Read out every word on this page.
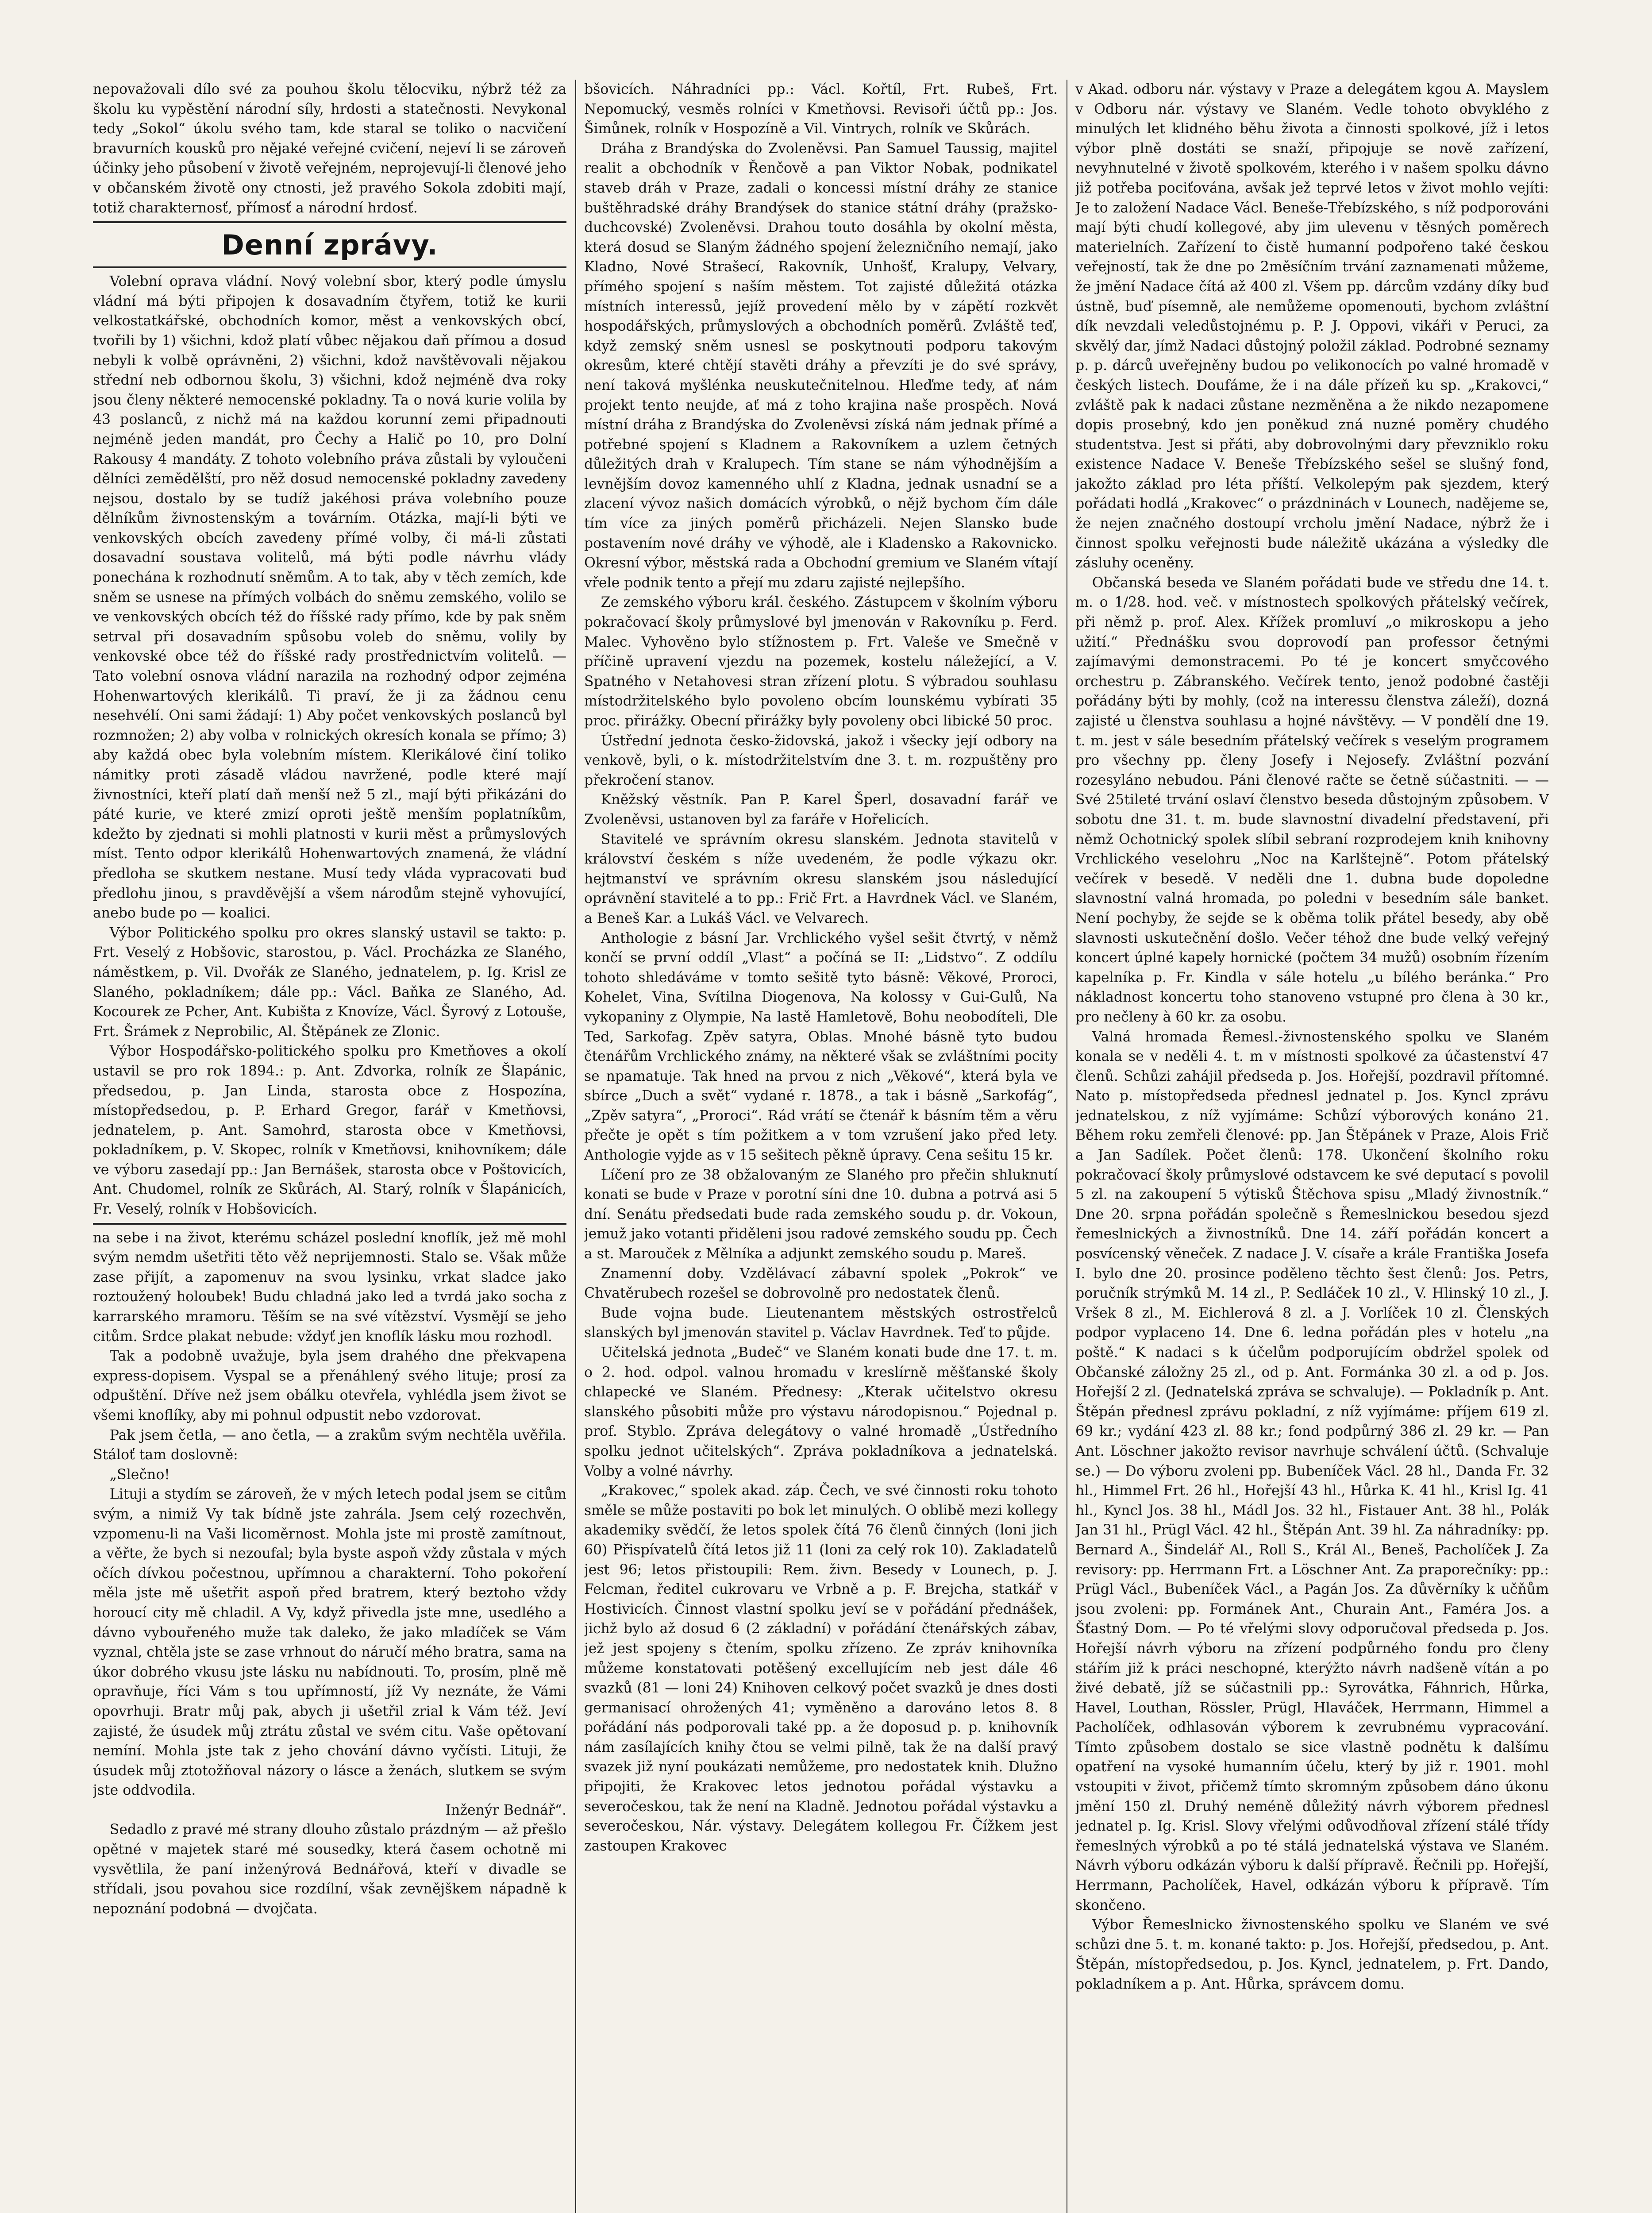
nepovažovali dílo své za pouhou školu tělocviku, nýbrž též za školu ku vypěstění národní síly, hrdosti a statečnosti. Nevykonal tedy „Sokol“ úkolu svého tam, kde staral se toliko o nacvičení bravurních kousků pro nějaké veřejné cvičení, nejeví li se zároveň účinky jeho působení v životě veřejném, neprojevují-li členové jeho v občanském životě ony ctnosti, jež pravého Sokola zdobiti mají, totiž charakternosť, přímosť a národní hrdosť.

Denní zprávy.

Volební oprava vládní. Nový volební sbor, který podle úmyslu vládní má býti připojen k dosavadním čtyřem, totiž ke kurii velkostatkářské, obchodních komor, měst a venkovských obcí, tvořili by 1) všichni, kdož platí vůbec nějakou daň přímou a dosud nebyli k volbě oprávněni, 2) všichni, kdož navštěvovali nějakou střední neb odbornou školu, 3) všichni, kdož nejméně dva roky jsou členy některé nemocenské pokladny. Ta o nová kurie volila by 43 poslanců, z nichž má na každou korunní zemi připadnouti nejméně jeden mandát, pro Čechy a Halič po 10, pro Dolní Rakousy 4 mandáty. Z tohoto volebního práva zůstali by vyloučeni dělníci zemědělští, pro něž dosud nemocenské pokladny zavedeny nejsou, dostalo by se tudíž jakéhosi práva volebního pouze dělníkům živnostenským a továrním. Otázka, mají-li býti ve venkovských obcích zavedeny přímé volby, či má-li zůstati dosavadní soustava volitelů, má býti podle návrhu vlády ponechána k rozhodnutí sněmům. A to tak, aby v těch zemích, kde sněm se usnese na přímých volbách do sněmu zemského, volilo se ve venkovských obcích též do říšské rady přímo, kde by pak sněm setrval při dosavadním spůsobu voleb do sněmu, volily by venkovské obce též do říšské rady prostřednictvím volitelů. — Tato volební osnova vládní narazila na rozhodný odpor zejména Hohenwartových klerikálů. Ti praví, že ji za žádnou cenu nesehvélí. Oni sami žádají: 1) Aby počet venkovských poslanců byl rozmnožen; 2) aby volba v rolnických okresích konala se přímo; 3) aby každá obec byla volebním místem. Klerikálové činí toliko námitky proti zásadě vládou navržené, podle které mají živnostníci, kteří platí daň menší než 5 zl., mají býti přikázáni do páté kurie, ve které zmizí oproti ještě menším poplatníkům, kdežto by zjednati si mohli platnosti v kurii měst a průmyslových míst. Tento odpor klerikálů Hohenwartových znamená, že vládní předloha se skutkem nestane. Musí tedy vláda vypracovati buď předlohu jinou, s pravděvější a všem národům stejně vyhovující, anebo bude po — koalici.

Výbor Politického spolku pro okres slanský ustavil se takto: p. Frt. Veselý z Hobšovic, starostou, p. Václ. Procházka ze Slaného, náměstkem, p. Vil. Dvořák ze Slaného, jednatelem, p. Ig. Krisl ze Slaného, pokladníkem; dále pp.: Václ. Baňka ze Slaného, Ad. Kocourek ze Pcher, Ant. Kubišta z Knovíze, Václ. Šyrový z Lotouše, Frt. Šrámek z Neprobilic, Al. Štěpánek ze Zlonic.

Výbor Hospodářsko-politického spolku pro Kmetňoves a okolí ustavil se pro rok 1894.: p. Ant. Zdvorka, rolník ze Šlapánic, předsedou, p. Jan Linda, starosta obce z Hospozína, místopředsedou, p. P. Erhard Gregor, farář v Kmetňovsi, jednatelem, p. Ant. Samohrd, starosta obce v Kmetňovsi, pokladníkem, p. V. Skopec, rolník v Kmetňovsi, knihovníkem; dále ve výboru zasedají pp.: Jan Bernášek, starosta obce v Poštovicích, Ant. Chudomel, rolník ze Skůrách, Al. Starý, rolník v Šlapánicích, Fr. Veselý, rolník v Hobšovicích.

na sebe i na život, kterému scházel poslední knoflík, jež mě mohl svým nemdm ušetřiti těto věž neprijemnosti. Stalo se. Však může zase přijít, a zapomenuv na svou lysinku, vrkat sladce jako roztoužený holoubek! Budu chladná jako led a tvrdá jako socha z karrarského mramoru. Těším se na své vítězství. Vysmějí se jeho citům. Srdce plakat nebude: vždyť jen knoflík lásku mou rozhodl.

Tak a podobně uvažuje, byla jsem drahého dne překvapena express-dopisem. Vyspal se a přenáhlený svého lituje; prosí za odpuštění. Dříve než jsem obálku otevřela, vyhlédla jsem život se všemi knoflíky, aby mi pohnul odpustit nebo vzdorovat.

Pak jsem četla, — ano četla, — a zrakům svým nechtěla uvěřila. Stáloť tam doslovně:

„Slečno!

Lituji a stydím se zároveň, že v mých letech podal jsem se citům svým, a nimiž Vy tak bídně jste zahrála. Jsem celý rozechvěn, vzpomenu-li na Vaši licoměrnost. Mohla jste mi prostě zamítnout, a věřte, že bych si nezoufal; byla byste aspoň vždy zůstala v mých očích dívkou počestnou, upřímnou a charakterní. Toho pokoření měla jste mě ušetřit aspoň před bratrem, který beztoho vždy horoucí city mě chladil. A Vy, když přivedla jste mne, usedlého a dávno vybouřeného muže tak daleko, že jako mladíček se Vám vyznal, chtěla jste se zase vrhnout do náručí mého bratra, sama na úkor dobrého vkusu jste lásku nu nabídnouti. To, prosím, plně mě opravňuje, říci Vám s tou upřímností, jíž Vy neznáte, že Vámi opovrhuji. Bratr můj pak, abych ji ušetřil zrial k Vám též. Jeví zajisté, že úsudek můj ztrátu zůstal ve svém citu. Vaše opětovaní nemíní. Mohla jste tak z jeho chování dávno vyčísti. Lituji, že úsudek můj ztotožňoval názory o lásce a ženách, slutkem se svým jste oddvodila.

Inženýr Bednář“.

Sedadlo z pravé mé strany dlouho zůstalo prázdným — až přešlo opětné v majetek staré mé sousedky, která časem ochotně mi vysvětlila, že paní inženýrová Bednářová, kteří v divadle se střídali, jsou povahou sice rozdílní, však zevnějškem nápadně k nepoznání podobná — dvojčata.

bšovicích. Náhradníci pp.: Václ. Kořtíl, Frt. Rubeš, Frt. Nepomucký, vesměs rolníci v Kmetňovsi. Revisoři účtů pp.: Jos. Šimůnek, rolník v Hospozíně a Vil. Vintrych, rolník ve Skůrách.

Dráha z Brandýska do Zvoleněvsi. Pan Samuel Taussig, majitel realit a obchodník v Řenčově a pan Viktor Nobak, podnikatel staveb dráh v Praze, zadali o koncessi místní dráhy ze stanice buštěhradské dráhy Brandýsek do stanice státní dráhy (pražsko-duchcovské) Zvoleněvsi. Drahou touto dosáhla by okolní města, která dosud se Slaným žádného spojení železničního nemají, jako Kladno, Nové Strašecí, Rakovník, Unhošť, Kralupy, Velvary, přímého spojení s naším městem. Tot zajisté důležitá otázka místních interessů, jejíž provedení mělo by v zápětí rozkvět hospodářských, průmyslových a obchodních poměrů. Zvláště teď, když zemský sněm usnesl se poskytnouti podporu takovým okresům, které chtějí stavěti dráhy a převzíti je do své správy, není taková myšlénka neuskutečnitelnou. Hleďme tedy, ať nám projekt tento neujde, ať má z toho krajina naše prospěch. Nová místní dráha z Brandýska do Zvoleněvsi získá nám jednak přímé a potřebné spojení s Kladnem a Rakovníkem a uzlem četných důležitých drah v Kralupech. Tím stane se nám výhodnějším a levnějším dovoz kamenného uhlí z Kladna, jednak usnadní se a zlacení vývoz našich domácích výrobků, o nějž bychom čím dále tím více za jiných poměrů přicházeli. Nejen Slansko bude postavením nové dráhy ve výhodě, ale i Kladensko a Rakovnicko. Okresní výbor, městská rada a Obchodní gremium ve Slaném vítají vřele podnik tento a přejí mu zdaru zajisté nejlepšího.

Ze zemského výboru král. českého. Zástupcem v školním výboru pokračovací školy průmyslové byl jmenován v Rakovníku p. Ferd. Malec. Vyhověno bylo stížnostem p. Frt. Valeše ve Smečně v příčině upravení vjezdu na pozemek, kostelu náležející, a V. Spatného v Netahovesi stran zřízení plotu. S výbradou souhlasu místodržitelského bylo povoleno obcím lounskému vybírati 35 proc. přirážky. Obecní přirážky byly povoleny obci libické 50 proc.

Ústřední jednota česko-židovská, jakož i všecky její odbory na venkově, byli, o k. místodržitelstvím dne 3. t. m. rozpuštěny pro překročení stanov.

Kněžský věstník. Pan P. Karel Šperl, dosavadní farář ve Zvoleněvsi, ustanoven byl za faráře v Hořelicích.

Stavitelé ve správním okresu slanském. Jednota stavitelů v království českém s níže uvedeném, že podle výkazu okr. hejtmanství ve správním okresu slanském jsou následující oprávnění stavitelé a to pp.: Frič Frt. a Havrdnek Václ. ve Slaném, a Beneš Kar. a Lukáš Václ. ve Velvarech.

Anthologie z básní Jar. Vrchlického vyšel sešit čtvrtý, v němž končí se první oddíl „Vlast“ a počíná se II: „Lidstvo“. Z oddílu tohoto shledáváme v tomto sešitě tyto básně: Věkové, Proroci, Kohelet, Vina, Svítilna Diogenova, Na kolossy v Gui-Gulů, Na vykopaniny z Olympie, Na lastě Hamletově, Bohu neobodíteli, Dle Ted, Sarkofag. Zpěv satyra, Oblas. Mnohé básně tyto budou čtenářům Vrchlického známy, na některé však se zvláštními pocity se npamatuje. Tak hned na prvou z nich „Věkové“, která byla ve sbírce „Duch a svět“ vydané r. 1878., a tak i básně „Sarkofág“, „Zpěv satyra“, „Proroci“. Rád vrátí se čtenář k básním těm a věru přečte je opět s tím požitkem a v tom vzrušení jako před lety. Anthologie vyjde as v 15 sešitech pěkně úpravy. Cena sešitu 15 kr.

Líčení pro ze 38 obžalovaným ze Slaného pro přečin shluknutí konati se bude v Praze v porotní síni dne 10. dubna a potrvá asi 5 dní. Senátu předsedati bude rada zemského soudu p. dr. Vokoun, jemuž jako votanti přiděleni jsou radové zemského soudu pp. Čech a st. Marouček z Mělníka a adjunkt zemského soudu p. Mareš.

Znamenní doby. Vzdělávací zábavní spolek „Pokrok“ ve Chvatěrubech rozešel se dobrovolně pro nedostatek členů.

Bude vojna bude. Lieutenantem městských ostrostřelců slanských byl jmenován stavitel p. Václav Havrdnek. Teď to půjde.

Učitelská jednota „Budeč“ ve Slaném konati bude dne 17. t. m. o 2. hod. odpol. valnou hromadu v kreslírně měšťanské školy chlapecké ve Slaném. Přednesy: „Kterak učitelstvo okresu slanského působiti může pro výstavu národopisnou.“ Pojednal p. prof. Styblo. Zpráva delegátovy o valné hromadě „Ústředního spolku jednot učitelských“. Zpráva pokladníkova a jednatelská. Volby a volné návrhy.

„Krakovec,“ spolek akad. záp. Čech, ve své činnosti roku tohoto směle se může postaviti po bok let minulých. O oblibě mezi kollegy akademiky svědčí, že letos spolek čítá 76 členů činných (loni jich 60) Přispívatelů čítá letos již 11 (loni za celý rok 10). Zakladatelů jest 96; letos přistoupili: Rem. živn. Besedy v Lounech, p. J. Felcman, ředitel cukrovaru ve Vrbně a p. F. Brejcha, statkář v Hostivicích. Činnost vlastní spolku jeví se v pořádání přednášek, jichž bylo až dosud 6 (2 základní) v pořádání čtenářských zábav, jež jest spojeny s čtením, spolku zřízeno. Ze zpráv knihovníka můžeme konstatovati potěšený excellujícím neb jest dále 46 svazků (81 — loni 24) Knihoven celkový počet svazků je dnes dosti germanisací ohrožených 41; vyměněno a darováno letos 8. 8 pořádání nás podporovali také pp. a že doposud p. p. knihovník nám zasílajících knihy čtou se velmi pilně, tak že na další pravý svazek již nyní poukázati nemůžeme, pro nedostatek knih. Dlužno připojiti, že Krakovec letos jednotou pořádal výstavku a severočeskou, tak že není na Kladně. Jednotou pořádal výstavku a severočeskou, Nár. výstavy. Delegátem kollegou Fr. Čížkem jest zastoupen Krakovec

v Akad. odboru nár. výstavy v Praze a delegátem kgou A. Mayslem v Odboru nár. výstavy ve Slaném. Vedle tohoto obvyklého z minulých let klidného běhu života a činnosti spolkové, jíž i letos výbor plně dostáti se snaží, připojuje se nově zařízení, nevyhnutelné v životě spolkovém, kterého i v našem spolku dávno již potřeba pociťována, avšak jež teprvé letos v život mohlo vejíti: Je to založení Nadace Václ. Beneše-Třebízského, s níž podporováni mají býti chudí kollegové, aby jim ulevenu v těsných poměrech materielních. Zařízení to čistě humanní podpořeno také českou veřejností, tak že dne po 2měsíčním trvání zaznamenati můžeme, že jmění Nadace čítá až 400 zl. Všem pp. dárcům vzdány díky buď ústně, buď písemně, ale nemůžeme opomenouti, bychom zvláštní dík nevzdali veledůstojnému p. P. J. Oppovi, vikáři v Peruci, za skvělý dar, jímž Nadaci důstojný položil základ. Podrobné seznamy p. p. dárců uveřejněny budou po velikonocích po valné hromadě v českých listech. Doufáme, že i na dále přízeň ku sp. „Krakovci,“ zvláště pak k nadaci zůstane nezměněna a že nikdo nezapomene dopis prosebný, kdo jen poněkud zná nuzné poměry chudého studentstva. Jest si přáti, aby dobrovolnými dary převzniklo roku existence Nadace V. Beneše Třebízského sešel se slušný fond, jakožto základ pro léta příští. Velkolepým pak sjezdem, který pořádati hodlá „Krakovec“ o prázdninách v Lounech, nadějeme se, že nejen značného dostoupí vrcholu jmění Nadace, nýbrž že i činnost spolku veřejnosti bude náležitě ukázána a výsledky dle zásluhy oceněny.

Občanská beseda ve Slaném pořádati bude ve středu dne 14. t. m. o 1/28. hod. več. v místnostech spolkových přátelský večírek, při němž p. prof. Alex. Křížek promluví „o mikroskopu a jeho užití.“ Přednášku svou doprovodí pan professor četnými zajímavými demonstracemi. Po té je koncert smyčcového orchestru p. Zábranského. Večírek tento, jenož podobné častěji pořádány býti by mohly, (což na interessu členstva záleží), dozná zajisté u členstva souhlasu a hojné návštěvy. — V pondělí dne 19. t. m. jest v sále besedním přátelský večírek s veselým programem pro všechny pp. členy Josefy i Nejosefy. Zvláštní pozvání rozesyláno nebudou. Páni členové račte se četně súčastniti. — — Své 25tileté trvání oslaví členstvo beseda důstojným způsobem. V sobotu dne 31. t. m. bude slavnostní divadelní představení, při němž Ochotnický spolek slíbil sebraní rozprodejem knih knihovny Vrchlického veselohru „Noc na Karlštejně“. Potom přátelský večírek v besedě. V neděli dne 1. dubna bude dopoledne slavnostní valná hromada, po poledni v besedním sále banket. Není pochyby, že sejde se k oběma tolik přátel besedy, aby obě slavnosti uskutečnění došlo. Večer téhož dne bude velký veřejný koncert úplné kapely hornické (počtem 34 mužů) osobním řízením kapelníka p. Fr. Kindla v sále hotelu „u bílého beránka.“ Pro nákladnost koncertu toho stanoveno vstupné pro člena à 30 kr., pro nečleny à 60 kr. za osobu.

Valná hromada Řemesl.-živnostenského spolku ve Slaném konala se v neděli 4. t. m v místnosti spolkové za účastenství 47 členů. Schůzi zahájil předseda p. Jos. Hořejší, pozdravil přítomné. Nato p. místopředseda přednesl jednatel p. Jos. Kyncl zprávu jednatelskou, z níž vyjímáme: Schůzí výborových konáno 21. Během roku zemřeli členové: pp. Jan Štěpánek v Praze, Alois Frič a Jan Sadílek. Počet členů: 178. Ukončení školního roku pokračovací školy průmyslové odstavcem ke své deputací s povolil 5 zl. na zakoupení 5 výtisků Štěchova spisu „Mladý živnostník.“ Dne 20. srpna pořádán společně s Řemeslnickou besedou sjezd řemeslnických a živnostníků. Dne 14. září pořádán koncert a posvícenský věneček. Z nadace J. V. císaře a krále Františka Josefa I. bylo dne 20. prosince poděleno těchto šest členů: Jos. Petrs, poručník strýmků M. 14 zl., P. Sedláček 10 zl., V. Hlinský 10 zl., J. Vršek 8 zl., M. Eichlerová 8 zl. a J. Vorlíček 10 zl. Členských podpor vyplaceno 14. Dne 6. ledna pořádán ples v hotelu „na poště.“ K nadaci s k účelům podporujícím obdržel spolek od Občanské záložny 25 zl., od p. Ant. Formánka 30 zl. a od p. Jos. Hořejší 2 zl. (Jednatelská zpráva se schvaluje). — Pokladník p. Ant. Štěpán přednesl zprávu pokladní, z níž vyjímáme: příjem 619 zl. 69 kr.; vydání 423 zl. 88 kr.; fond podpůrný 386 zl. 29 kr. — Pan Ant. Löschner jakožto revisor navrhuje schválení účtů. (Schvaluje se.) — Do výboru zvoleni pp. Bubeníček Václ. 28 hl., Danda Fr. 32 hl., Himmel Frt. 26 hl., Hořejší 43 hl., Hůrka K. 41 hl., Krisl Ig. 41 hl., Kyncl Jos. 38 hl., Mádl Jos. 32 hl., Fistauer Ant. 38 hl., Polák Jan 31 hl., Prügl Václ. 42 hl., Štěpán Ant. 39 hl. Za náhradníky: pp. Bernard A., Šindelář Al., Roll S., Král Al., Beneš, Pacholíček J. Za revisory: pp. Herrmann Frt. a Löschner Ant. Za praporečníky: pp.: Prügl Václ., Bubeníček Václ., a Pagán Jos. Za důvěrníky k učňům jsou zvoleni: pp. Formánek Ant., Churain Ant., Faméra Jos. a Šťastný Dom. — Po té vřelými slovy odporučoval předseda p. Jos. Hořejší návrh výboru na zřízení podpůrného fondu pro členy stářím již k práci neschopné, kterýžto návrh nadšeně vítán a po živé debatě, jíž se súčastnili pp.: Syrovátka, Fáhnrich, Hůrka, Havel, Louthan, Rössler, Prügl, Hlaváček, Herrmann, Himmel a Pacholíček, odhlasován výborem k zevrubnému vypracování. Tímto způsobem dostalo se sice vlastně podnětu k dalšímu opatření na vysoké humanním účelu, který by již r. 1901. mohl vstoupiti v život, přičemž tímto skromným způsobem dáno úkonu jmění 150 zl. Druhý neméně důležitý návrh výborem přednesl jednatel p. Ig. Krisl. Slovy vřelými odůvodňoval zřízení stálé třídy řemeslných výrobků a po té stálá jednatelská výstava ve Slaném. Návrh výboru odkázán výboru k další přípravě. Řečnili pp. Hořejší, Herrmann, Pacholíček, Havel, odkázán výboru k přípravě. Tím skončeno.

Výbor Řemeslnicko živnostenského spolku ve Slaném ve své schůzi dne 5. t. m. konané takto: p. Jos. Hořejší, předsedou, p. Ant. Štěpán, místopředsedou, p. Jos. Kyncl, jednatelem, p. Frt. Dando, pokladníkem a p. Ant. Hůrka, správcem domu.
